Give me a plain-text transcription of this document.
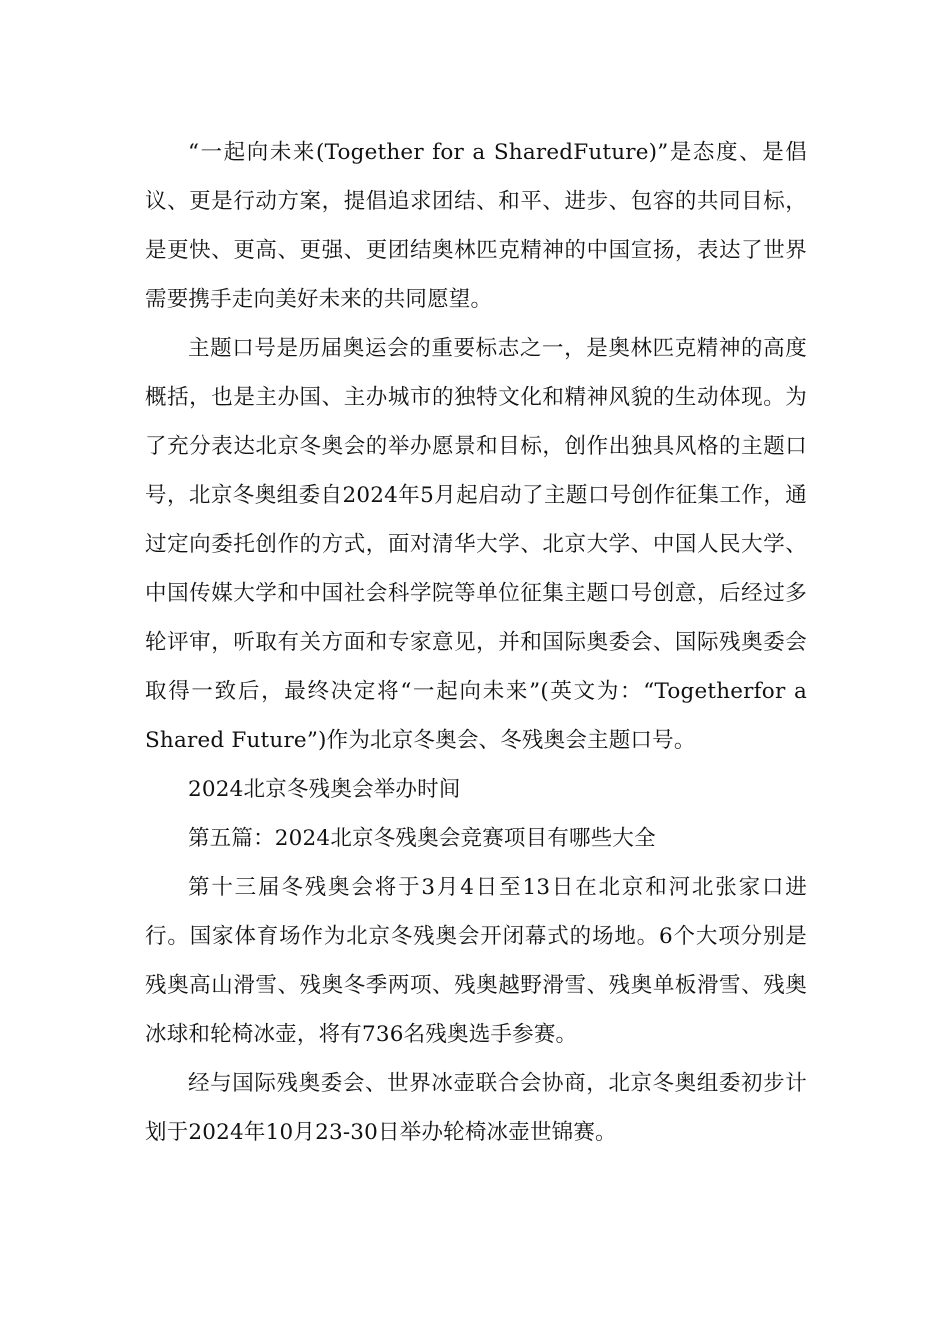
“一起向未来(Together for a SharedFuture)”是态度、是倡议、更是行动方案，提倡追求团结、和平、进步、包容的共同目标，是更快、更高、更强、更团结奥林匹克精神的中国宣扬，表达了世界需要携手走向美好未来的共同愿望。

主题口号是历届奥运会的重要标志之一，是奥林匹克精神的高度概括，也是主办国、主办城市的独特文化和精神风貌的生动体现。为了充分表达北京冬奥会的举办愿景和目标，创作出独具风格的主题口号，北京冬奥组委自2024年5月起启动了主题口号创作征集工作，通过定向委托创作的方式，面对清华大学、北京大学、中国人民大学、中国传媒大学和中国社会科学院等单位征集主题口号创意，后经过多轮评审，听取有关方面和专家意见，并和国际奥委会、国际残奥委会取得一致后，最终决定将“一起向未来”(英文为：“Togetherfor a Shared Future”)作为北京冬奥会、冬残奥会主题口号。

2024北京冬残奥会举办时间

第五篇：2024北京冬残奥会竞赛项目有哪些大全

第十三届冬残奥会将于3月4日至13日在北京和河北张家口进行。国家体育场作为北京冬残奥会开闭幕式的场地。6个大项分别是残奥高山滑雪、残奥冬季两项、残奥越野滑雪、残奥单板滑雪、残奥冰球和轮椅冰壶，将有736名残奥选手参赛。

经与国际残奥委会、世界冰壶联合会协商，北京冬奥组委初步计划于2024年10月23-30日举办轮椅冰壶世锦赛。
